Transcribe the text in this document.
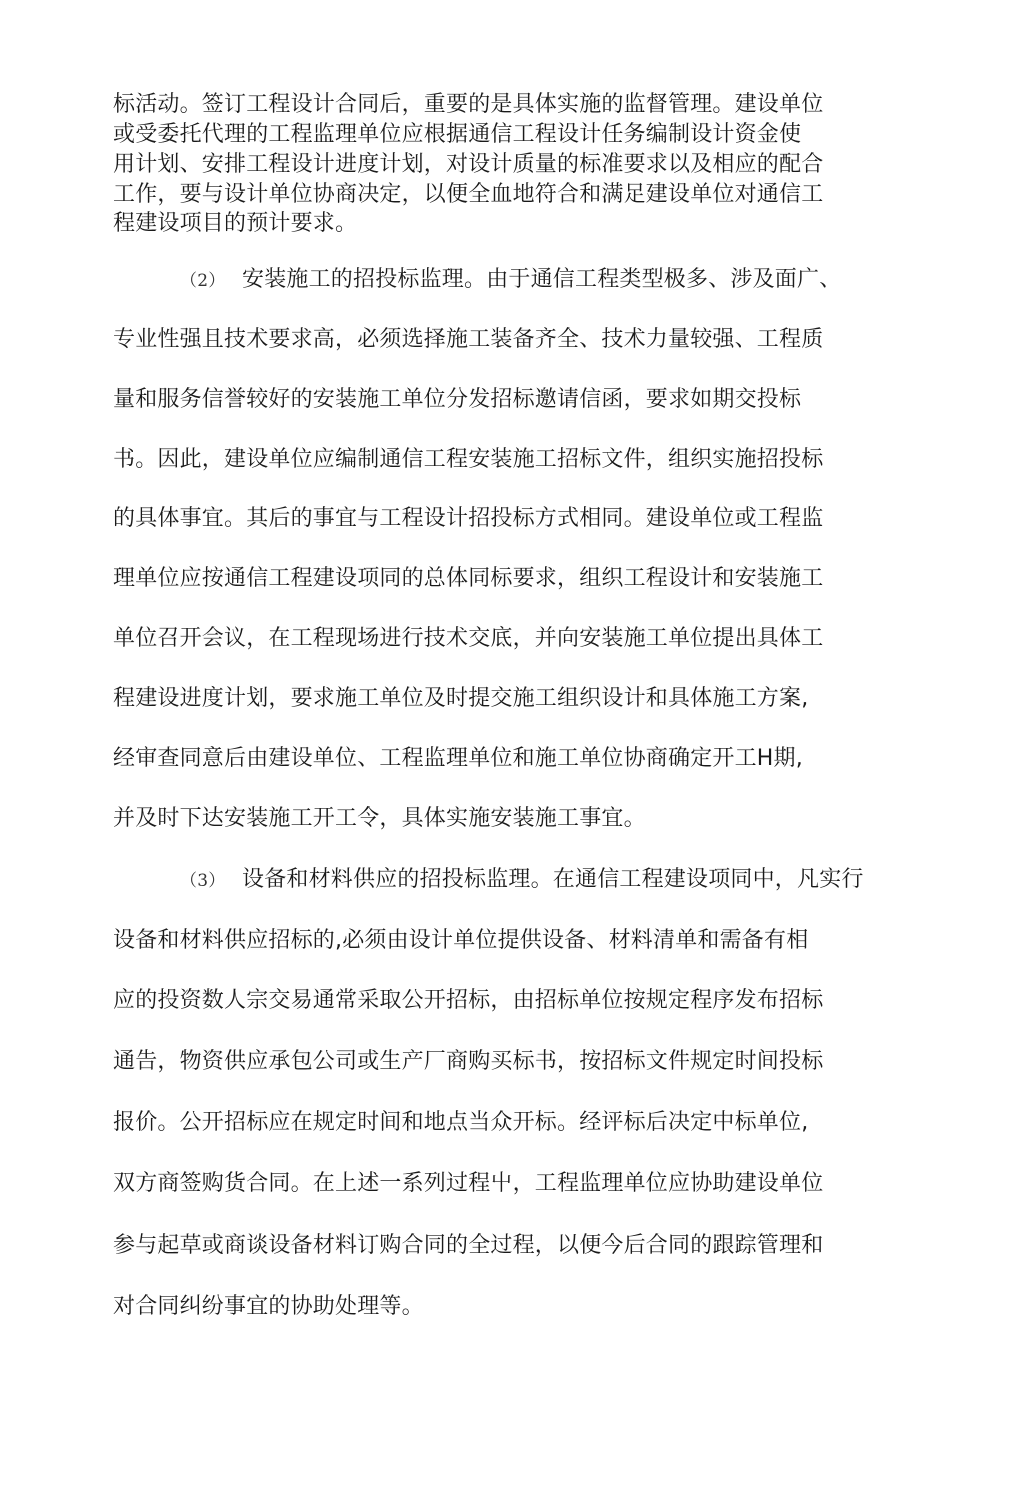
标活动。签订工程设计合同后，重要的是具体实施的监督管理。建设单位
或受委托代理的工程监理单位应根据通信工程设计任务编制设计资金使
用计划、安排工程设计进度计划，对设计质量的标准要求以及相应的配合
工作，要与设计单位协商决定，以便全血地符合和满足建设单位对通信工
程建设项目的预计要求。
（2） 安装施工的招投标监理。由于通信工程类型极多、涉及面广、
专业性强且技术要求高，必须选择施工装备齐全、技术力量较强、工程质
量和服务信誉较好的安装施工单位分发招标邀请信函，要求如期交投标
书。因此，建设单位应编制通信工程安装施工招标文件，组织实施招投标
的具体事宜。其后的事宜与工程设计招投标方式相同。建设单位或工程监
理单位应按通信工程建设项同的总体同标要求，组织工程设计和安装施工
单位召开会议，在工程现场进行技术交底，并向安装施工单位提出具体工
程建设进度计划，要求施工单位及时提交施工组织设计和具体施工方案,
经审查同意后由建设单位、工程监理单位和施工单位协商确定开工H期,
并及时下达安装施工开工令，具体实施安装施工事宜。
（3） 设备和材料供应的招投标监理。在通信工程建设项同中，凡实行
设备和材料供应招标的,必须由设计单位提供设备、材料清单和需备有相
应的投资数人宗交易通常采取公开招标，由招标单位按规定程序发布招标
通告，物资供应承包公司或生产厂商购买标书，按招标文件规定时间投标
报价。公开招标应在规定时间和地点当众开标。经评标后决定中标单位,
双方商签购货合同。在上述一系列过程屮，工程监理单位应协助建设单位
参与起草或商谈设备材料订购合同的全过程，以便今后合同的跟踪管理和
对合同纠纷事宜的协助处理等。
